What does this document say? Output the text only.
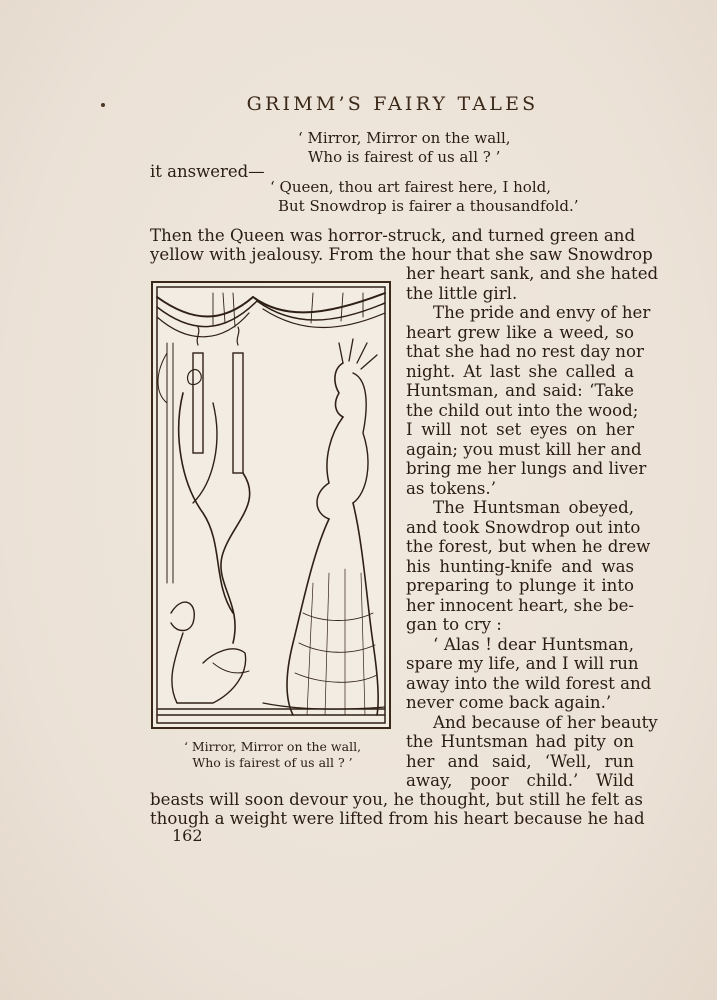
GRIMM’S FAIRY TALES
‘ Mirror, Mirror on the wall,
Who is fairest of us all ? ’
it answered—
‘ Queen, thou art fairest here, I hold,
But Snowdrop is fairer a thousandfold.’
Then the Queen was horror-struck, and turned green and
yellow with jealousy. From the hour that she saw Snowdrop
her heart sank, and she hated
the little girl.
The pride and envy of her
heart grew like a weed, so
that she had no rest day nor
night. At last she called a
Huntsman, and said: ‘Take
the child out into the wood;
I will not set eyes on her
again; you must kill her and
bring me her lungs and liver
as tokens.’
The Huntsman obeyed,
and took Snowdrop out into
the forest, but when he drew
his hunting-knife and was
preparing to plunge it into
her innocent heart, she be-
gan to cry :
‘ Alas ! dear Huntsman,
spare my life, and I will run
away into the wild forest and
never come back again.’
And because of her beauty
the Huntsman had pity on
her and said, ‘Well, run
away, poor child.’ Wild
beasts will soon devour you, he thought, but still he felt as
though a weight were lifted from his heart because he had
‘ Mirror, Mirror on the wall,
Who is fairest of us all ? ’
162
